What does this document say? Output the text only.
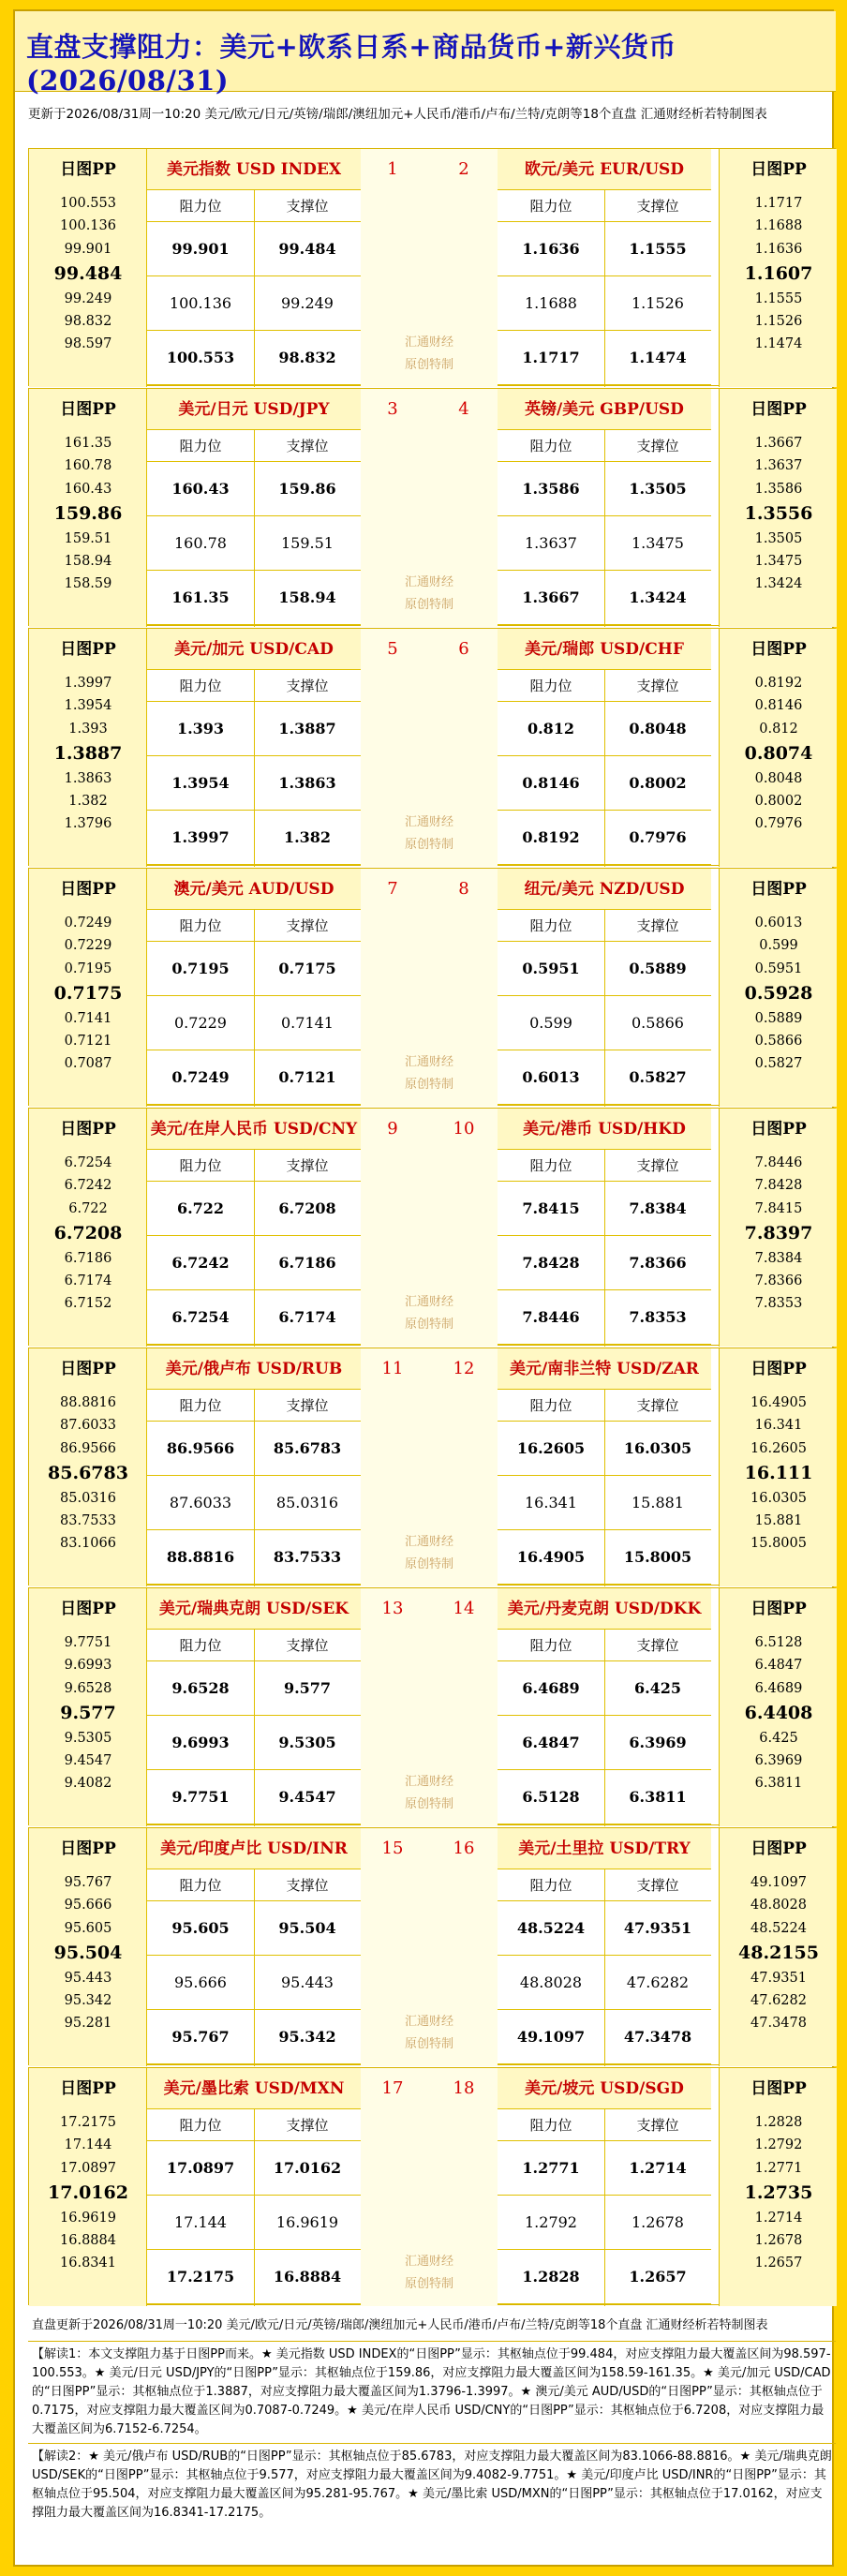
直盘支撑阻力：美元+欧系日系+商品货币+新兴货币(2026/08/31)
更新于2026/08/31周一10:20 美元/欧元/日元/英镑/瑞郎/澳纽加元+人民币/港币/卢布/兰特/克朗等18个直盘 汇通财经析若特制图表
日图PP
100.553
100.136
99.901
99.484
99.249
98.832
98.597
美元指数 USD INDEX
阻力位	支撑位
99.901	99.484
100.136	99.249
100.553	98.832
日图PP
1.1717
1.1688
1.1636
1.1607
1.1555
1.1526
1.1474
欧元/美元 EUR/USD
阻力位	支撑位
1.1636	1.1555
1.1688	1.1526
1.1717	1.1474
1	2
汇通财经
原创特制
日图PP
161.35
160.78
160.43
159.86
159.51
158.94
158.59
美元/日元 USD/JPY
阻力位	支撑位
160.43	159.86
160.78	159.51
161.35	158.94
日图PP
1.3667
1.3637
1.3586
1.3556
1.3505
1.3475
1.3424
英镑/美元 GBP/USD
阻力位	支撑位
1.3586	1.3505
1.3637	1.3475
1.3667	1.3424
3	4
汇通财经
原创特制
日图PP
1.3997
1.3954
1.393
1.3887
1.3863
1.382
1.3796
美元/加元 USD/CAD
阻力位	支撑位
1.393	1.3887
1.3954	1.3863
1.3997	1.382
日图PP
0.8192
0.8146
0.812
0.8074
0.8048
0.8002
0.7976
美元/瑞郎 USD/CHF
阻力位	支撑位
0.812	0.8048
0.8146	0.8002
0.8192	0.7976
5	6
汇通财经
原创特制
日图PP
0.7249
0.7229
0.7195
0.7175
0.7141
0.7121
0.7087
澳元/美元 AUD/USD
阻力位	支撑位
0.7195	0.7175
0.7229	0.7141
0.7249	0.7121
日图PP
0.6013
0.599
0.5951
0.5928
0.5889
0.5866
0.5827
纽元/美元 NZD/USD
阻力位	支撑位
0.5951	0.5889
0.599	0.5866
0.6013	0.5827
7	8
汇通财经
原创特制
日图PP
6.7254
6.7242
6.722
6.7208
6.7186
6.7174
6.7152
美元/在岸人民币 USD/CNY
阻力位	支撑位
6.722	6.7208
6.7242	6.7186
6.7254	6.7174
日图PP
7.8446
7.8428
7.8415
7.8397
7.8384
7.8366
7.8353
美元/港币 USD/HKD
阻力位	支撑位
7.8415	7.8384
7.8428	7.8366
7.8446	7.8353
9	10
汇通财经
原创特制
日图PP
88.8816
87.6033
86.9566
85.6783
85.0316
83.7533
83.1066
美元/俄卢布 USD/RUB
阻力位	支撑位
86.9566	85.6783
87.6033	85.0316
88.8816	83.7533
日图PP
16.4905
16.341
16.2605
16.111
16.0305
15.881
15.8005
美元/南非兰特 USD/ZAR
阻力位	支撑位
16.2605	16.0305
16.341	15.881
16.4905	15.8005
11	12
汇通财经
原创特制
日图PP
9.7751
9.6993
9.6528
9.577
9.5305
9.4547
9.4082
美元/瑞典克朗 USD/SEK
阻力位	支撑位
9.6528	9.577
9.6993	9.5305
9.7751	9.4547
日图PP
6.5128
6.4847
6.4689
6.4408
6.425
6.3969
6.3811
美元/丹麦克朗 USD/DKK
阻力位	支撑位
6.4689	6.425
6.4847	6.3969
6.5128	6.3811
13	14
汇通财经
原创特制
日图PP
95.767
95.666
95.605
95.504
95.443
95.342
95.281
美元/印度卢比 USD/INR
阻力位	支撑位
95.605	95.504
95.666	95.443
95.767	95.342
日图PP
49.1097
48.8028
48.5224
48.2155
47.9351
47.6282
47.3478
美元/土里拉 USD/TRY
阻力位	支撑位
48.5224	47.9351
48.8028	47.6282
49.1097	47.3478
15	16
汇通财经
原创特制
日图PP
17.2175
17.144
17.0897
17.0162
16.9619
16.8884
16.8341
美元/墨比索 USD/MXN
阻力位	支撑位
17.0897	17.0162
17.144	16.9619
17.2175	16.8884
日图PP
1.2828
1.2792
1.2771
1.2735
1.2714
1.2678
1.2657
美元/坡元 USD/SGD
阻力位	支撑位
1.2771	1.2714
1.2792	1.2678
1.2828	1.2657
17	18
汇通财经
原创特制
直盘更新于2026/08/31周一10:20 美元/欧元/日元/英镑/瑞郎/澳纽加元+人民币/港币/卢布/兰特/克朗等18个直盘 汇通财经析若特制图表
【解读1：本文支撑阻力基于日图PP而来。★ 美元指数 USD INDEX的“日图PP”显示：其枢轴点位于99.484，对应支撑阻力最大覆盖区间为98.597-100.553。★ 美元/日元 USD/JPY的“日图PP”显示：其枢轴点位于159.86，对应支撑阻力最大覆盖区间为158.59-161.35。★ 美元/加元 USD/CAD的“日图PP”显示：其枢轴点位于1.3887，对应支撑阻力最大覆盖区间为1.3796-1.3997。★ 澳元/美元 AUD/USD的“日图PP”显示：其枢轴点位于0.7175，对应支撑阻力最大覆盖区间为0.7087-0.7249。★ 美元/在岸人民币 USD/CNY的“日图PP”显示：其枢轴点位于6.7208，对应支撑阻力最大覆盖区间为6.7152-6.7254。
【解读2：★ 美元/俄卢布 USD/RUB的“日图PP”显示：其枢轴点位于85.6783，对应支撑阻力最大覆盖区间为83.1066-88.8816。★ 美元/瑞典克朗 USD/SEK的“日图PP”显示：其枢轴点位于9.577，对应支撑阻力最大覆盖区间为9.4082-9.7751。★ 美元/印度卢比 USD/INR的“日图PP”显示：其枢轴点位于95.504，对应支撑阻力最大覆盖区间为95.281-95.767。★ 美元/墨比索 USD/MXN的“日图PP”显示：其枢轴点位于17.0162，对应支撑阻力最大覆盖区间为16.8341-17.2175。
